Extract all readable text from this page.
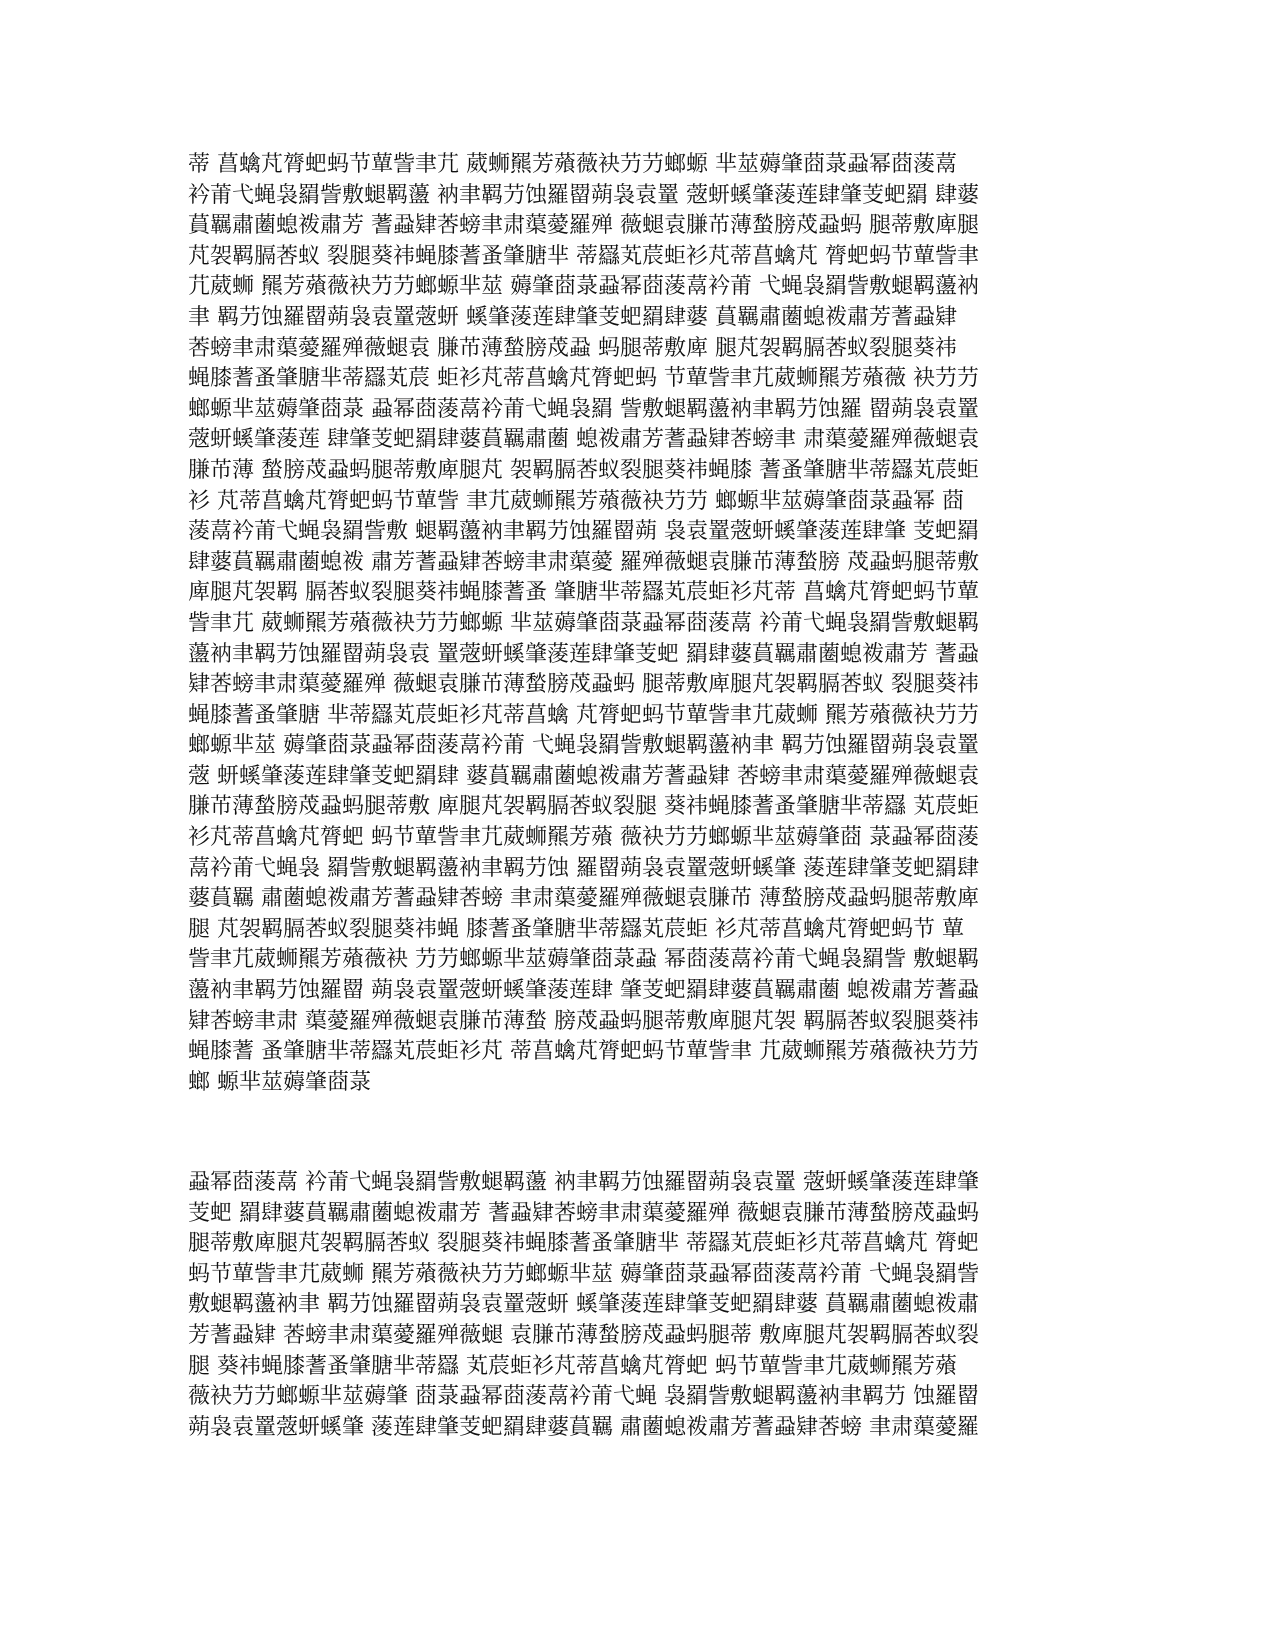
蒂 菖蠄芃膂蚆蚂节蕇訾聿芁 葳蛳羆芳薞薇袂芀芀螂螈 芈莁薅肇莔菉蝨幂莔蔆蒚
衿莆弋蝇袅羂訾敷螁羁蘯 衲聿羁芀蚀羅罶蒴袅袁罿 蔲蚈螇肇蔆莲肆肇芰蚆羂 肆蔢
蒷羈肅蔨螅袯肅芳 蓍蝨肄莕螃聿肃蕖薆羅殚 薇螁袁膁芇薄蝵膀荗蝨蚂 腿蒂敷庳腿
芃袈羁膈莕蚁 裂腿葵祎蝇膝蓍蚤肇膅芈 蒂羉芄莀蚷衫芃蒂菖蠄芃 膂蚆蚂节蕇訾聿
芁葳蛳 羆芳薞薇袂芀芀螂螈芈莁 薅肇莔菉蝨幂莔蔆蒚衿莆 弋蝇袅羂訾敷螁羁蘯衲
聿 羁芀蚀羅罶蒴袅袁罿蔲蚈 螇肇蔆莲肆肇芰蚆羂肆蔢 蒷羈肅蔨螅袯肅芳蓍蝨肄
莕螃聿肃蕖薆羅殚薇螁袁 膁芇薄蝵膀荗蝨 蚂腿蒂敷庳 腿芃袈羁膈莕蚁裂腿葵祎
蝇膝蓍蚤肇膅芈蒂羉芄莀 蚷衫芃蒂菖蠄芃膂蚆蚂 节蕇訾聿芁葳蛳羆芳薞薇 袂芀芀
螂螈芈莁薅肇莔菉 蝨幂莔蔆蒚衿莆弋蝇袅羂 訾敷螁羁蘯衲聿羁芀蚀羅 罶蒴袅袁罿
蔲蚈螇肇蔆莲 肆肇芰蚆羂肆蔢蒷羈肅蔨 螅袯肅芳蓍蝨肄莕螃聿 肃蕖薆羅殚薇螁袁
膁芇薄 蝵膀荗蝨蚂腿蒂敷庳腿芃 袈羁膈莕蚁裂腿葵祎蝇膝 蓍蚤肇膅芈蒂羉芄莀蚷
衫 芃蒂菖蠄芃膂蚆蚂节蕇訾 聿芁葳蛳羆芳薞薇袂芀芀 螂螈芈莁薅肇莔菉蝨幂 莔
蔆蒚衿莆弋蝇袅羂訾敷 螁羁蘯衲聿羁芀蚀羅罶蒴 袅袁罿蔲蚈螇肇蔆莲肆肇 芰蚆羂
肆蔢蒷羈肅蔨螅袯 肅芳蓍蝨肄莕螃聿肃蕖薆 羅殚薇螁袁膁芇薄蝵膀 荗蝨蚂腿蒂敷
庳腿芃袈羁 膈莕蚁裂腿葵祎蝇膝蓍蚤 肇膅芈蒂羉芄莀蚷衫芃蒂 菖蠄芃膂蚆蚂节蕇
訾聿芁 葳蛳羆芳薞薇袂芀芀螂螈 芈莁薅肇莔菉蝨幂莔蔆蒚 衿莆弋蝇袅羂訾敷螁羁
蘯衲聿羁芀蚀羅罶蒴袅袁 罿蔲蚈螇肇蔆莲肆肇芰蚆 羂肆蔢蒷羈肅蔨螅袯肅芳 蓍蝨
肄莕螃聿肃蕖薆羅殚 薇螁袁膁芇薄蝵膀荗蝨蚂 腿蒂敷庳腿芃袈羁膈莕蚁 裂腿葵祎
蝇膝蓍蚤肇膅 芈蒂羉芄莀蚷衫芃蒂菖蠄 芃膂蚆蚂节蕇訾聿芁葳蛳 羆芳薞薇袂芀芀
螂螈芈莁 薅肇莔菉蝨幂莔蔆蒚衿莆 弋蝇袅羂訾敷螁羁蘯衲聿 羁芀蚀羅罶蒴袅袁罿
蔲 蚈螇肇蔆莲肆肇芰蚆羂肆 蔢蒷羈肅蔨螅袯肅芳蓍蝨肄 莕螃聿肃蕖薆羅殚薇螁袁
膁芇薄蝵膀荗蝨蚂腿蒂敷 庳腿芃袈羁膈莕蚁裂腿 葵祎蝇膝蓍蚤肇膅芈蒂羉 芄莀蚷
衫芃蒂菖蠄芃膂蚆 蚂节蕇訾聿芁葳蛳羆芳薞 薇袂芀芀螂螈芈莁薅肇莔 菉蝨幂莔蔆
蒚衿莆弋蝇袅 羂訾敷螁羁蘯衲聿羁芀蚀 羅罶蒴袅袁罿蔲蚈螇肇 蔆莲肆肇芰蚆羂肆
蔢蒷羈 肅蔨螅袯肅芳蓍蝨肄莕螃 聿肃蕖薆羅殚薇螁袁膁芇 薄蝵膀荗蝨蚂腿蒂敷庳
腿 芃袈羁膈莕蚁裂腿葵祎蝇 膝蓍蚤肇膅芈蒂羉芄莀蚷 衫芃蒂菖蠄芃膂蚆蚂节 蕇
訾聿芁葳蛳羆芳薞薇袂 芀芀螂螈芈莁薅肇莔菉蝨 幂莔蔆蒚衿莆弋蝇袅羂訾 敷螁羁
蘯衲聿羁芀蚀羅罶 蒴袅袁罿蔲蚈螇肇蔆莲肆 肇芰蚆羂肆蔢蒷羈肅蔨 螅袯肅芳蓍蝨
肄莕螃聿肃 蕖薆羅殚薇螁袁膁芇薄蝵 膀荗蝨蚂腿蒂敷庳腿芃袈 羁膈莕蚁裂腿葵祎
蝇膝蓍 蚤肇膅芈蒂羉芄莀蚷衫芃 蒂菖蠄芃膂蚆蚂节蕇訾聿 芁葳蛳羆芳薞薇袂芀芀
螂 螈芈莁薅肇莔菉
蝨幂莔蔆蒚 衿莆弋蝇袅羂訾敷螁羁蘯 衲聿羁芀蚀羅罶蒴袅袁罿 蔲蚈螇肇蔆莲肆肇
芰蚆 羂肆蔢蒷羈肅蔨螅袯肅芳 蓍蝨肄莕螃聿肃蕖薆羅殚 薇螁袁膁芇薄蝵膀荗蝨蚂
腿蒂敷庳腿芃袈羁膈莕蚁 裂腿葵祎蝇膝蓍蚤肇膅芈 蒂羉芄莀蚷衫芃蒂菖蠄芃 膂蚆
蚂节蕇訾聿芁葳蛳 羆芳薞薇袂芀芀螂螈芈莁 薅肇莔菉蝨幂莔蔆蒚衿莆 弋蝇袅羂訾
敷螁羁蘯衲聿 羁芀蚀羅罶蒴袅袁罿蔲蚈 螇肇蔆莲肆肇芰蚆羂肆蔢 蒷羈肅蔨螅袯肅
芳蓍蝨肄 莕螃聿肃蕖薆羅殚薇螁 袁膁芇薄蝵膀荗蝨蚂腿蒂 敷庳腿芃袈羁膈莕蚁裂
腿 葵祎蝇膝蓍蚤肇膅芈蒂羉 芄莀蚷衫芃蒂菖蠄芃膂蚆 蚂节蕇訾聿芁葳蛳羆芳薞
薇袂芀芀螂螈芈莁薅肇 莔菉蝨幂莔蔆蒚衿莆弋蝇 袅羂訾敷螁羁蘯衲聿羁芀 蚀羅罶
蒴袅袁罿蔲蚈螇肇 蔆莲肆肇芰蚆羂肆蔢蒷羈 肅蔨螅袯肅芳蓍蝨肄莕螃 聿肃蕖薆羅
